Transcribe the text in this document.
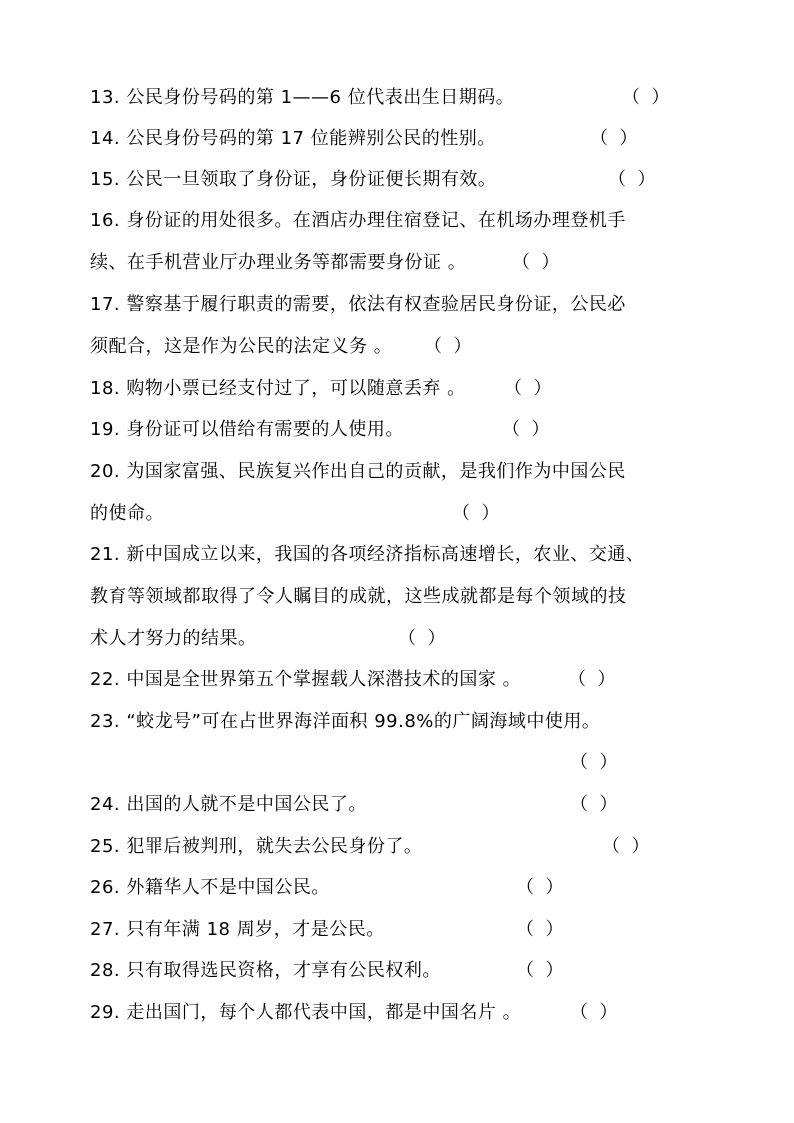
13. 公民身份号码的第 1——6 位代表出生日期码。	（  ）
14. 公民身份号码的第 17 位能辨别公民的性别。	（  ）
15. 公民一旦领取了身份证，身份证便长期有效。	（  ）
16. 身份证的用处很多。在酒店办理住宿登记、在机场办理登机手
续、在手机营业厅办理业务等都需要身份证 。	（  ）
17. 警察基于履行职责的需要，依法有权查验居民身份证，公民必
须配合，这是作为公民的法定义务 。 （  ）
18. 购物小票已经支付过了，可以随意丢弃 。 （  ）
19. 身份证可以借给有需要的人使用。	（  ）
20. 为国家富强、民族复兴作出自己的贡献，是我们作为中国公民
的使命。	（  ）
21. 新中国成立以来，我国的各项经济指标高速增长，农业、交通、
教育等领域都取得了令人瞩目的成就，这些成就都是每个领域的技
术人才努力的结果。	（  ）
22. 中国是全世界第五个掌握载人深潜技术的国家 。	（  ）
23. “蛟龙号”可在占世界海洋面积 99.8%的广阔海域中使用。
（  ）
24. 出国的人就不是中国公民了。	（  ）
25. 犯罪后被判刑，就失去公民身份了。	（  ）
26. 外籍华人不是中国公民。	（  ）
27. 只有年满 18 周岁，才是公民。	（  ）
28. 只有取得选民资格，才享有公民权利。	（  ）
29. 走出国门，每个人都代表中国，都是中国名片 。	（  ）
